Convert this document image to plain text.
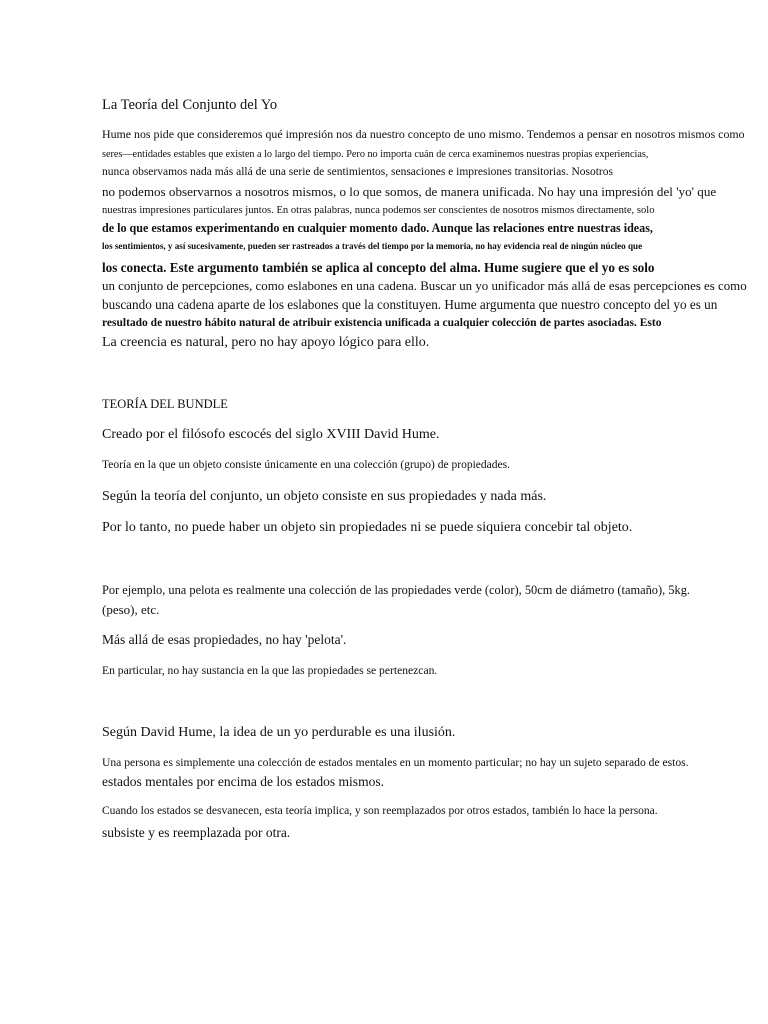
La Teoría del Conjunto del Yo
Hume nos pide que consideremos qué impresión nos da nuestro concepto de uno mismo. Tendemos a pensar en nosotros mismos como
seres—entidades estables que existen a lo largo del tiempo. Pero no importa cuán de cerca examinemos nuestras propias experiencias,
nunca observamos nada más allá de una serie de sentimientos, sensaciones e impresiones transitorias. Nosotros
no podemos observarnos a nosotros mismos, o lo que somos, de manera unificada. No hay una impresión del 'yo' que
nuestras impresiones particulares juntos. En otras palabras, nunca podemos ser conscientes de nosotros mismos directamente, solo
de lo que estamos experimentando en cualquier momento dado. Aunque las relaciones entre nuestras ideas,
los sentimientos, y así sucesivamente, pueden ser rastreados a través del tiempo por la memoria, no hay evidencia real de ningún núcleo que
los conecta. Este argumento también se aplica al concepto del alma. Hume sugiere que el yo es solo
un conjunto de percepciones, como eslabones en una cadena. Buscar un yo unificador más allá de esas percepciones es como
buscando una cadena aparte de los eslabones que la constituyen. Hume argumenta que nuestro concepto del yo es un
resultado de nuestro hábito natural de atribuir existencia unificada a cualquier colección de partes asociadas. Esto
La creencia es natural, pero no hay apoyo lógico para ello.
TEORÍA DEL BUNDLE
Creado por el filósofo escocés del siglo XVIII David Hume.
Teoría en la que un objeto consiste únicamente en una colección (grupo) de propiedades.
Según la teoría del conjunto, un objeto consiste en sus propiedades y nada más.
Por lo tanto, no puede haber un objeto sin propiedades ni se puede siquiera concebir tal objeto.
Por ejemplo, una pelota es realmente una colección de las propiedades verde (color), 50cm de diámetro (tamaño), 5kg.
(peso), etc.
Más allá de esas propiedades, no hay 'pelota'.
En particular, no hay sustancia en la que las propiedades se pertenezcan.
Según David Hume, la idea de un yo perdurable es una ilusión.
Una persona es simplemente una colección de estados mentales en un momento particular; no hay un sujeto separado de estos.
estados mentales por encima de los estados mismos.
Cuando los estados se desvanecen, esta teoría implica, y son reemplazados por otros estados, también lo hace la persona.
subsiste y es reemplazada por otra.
